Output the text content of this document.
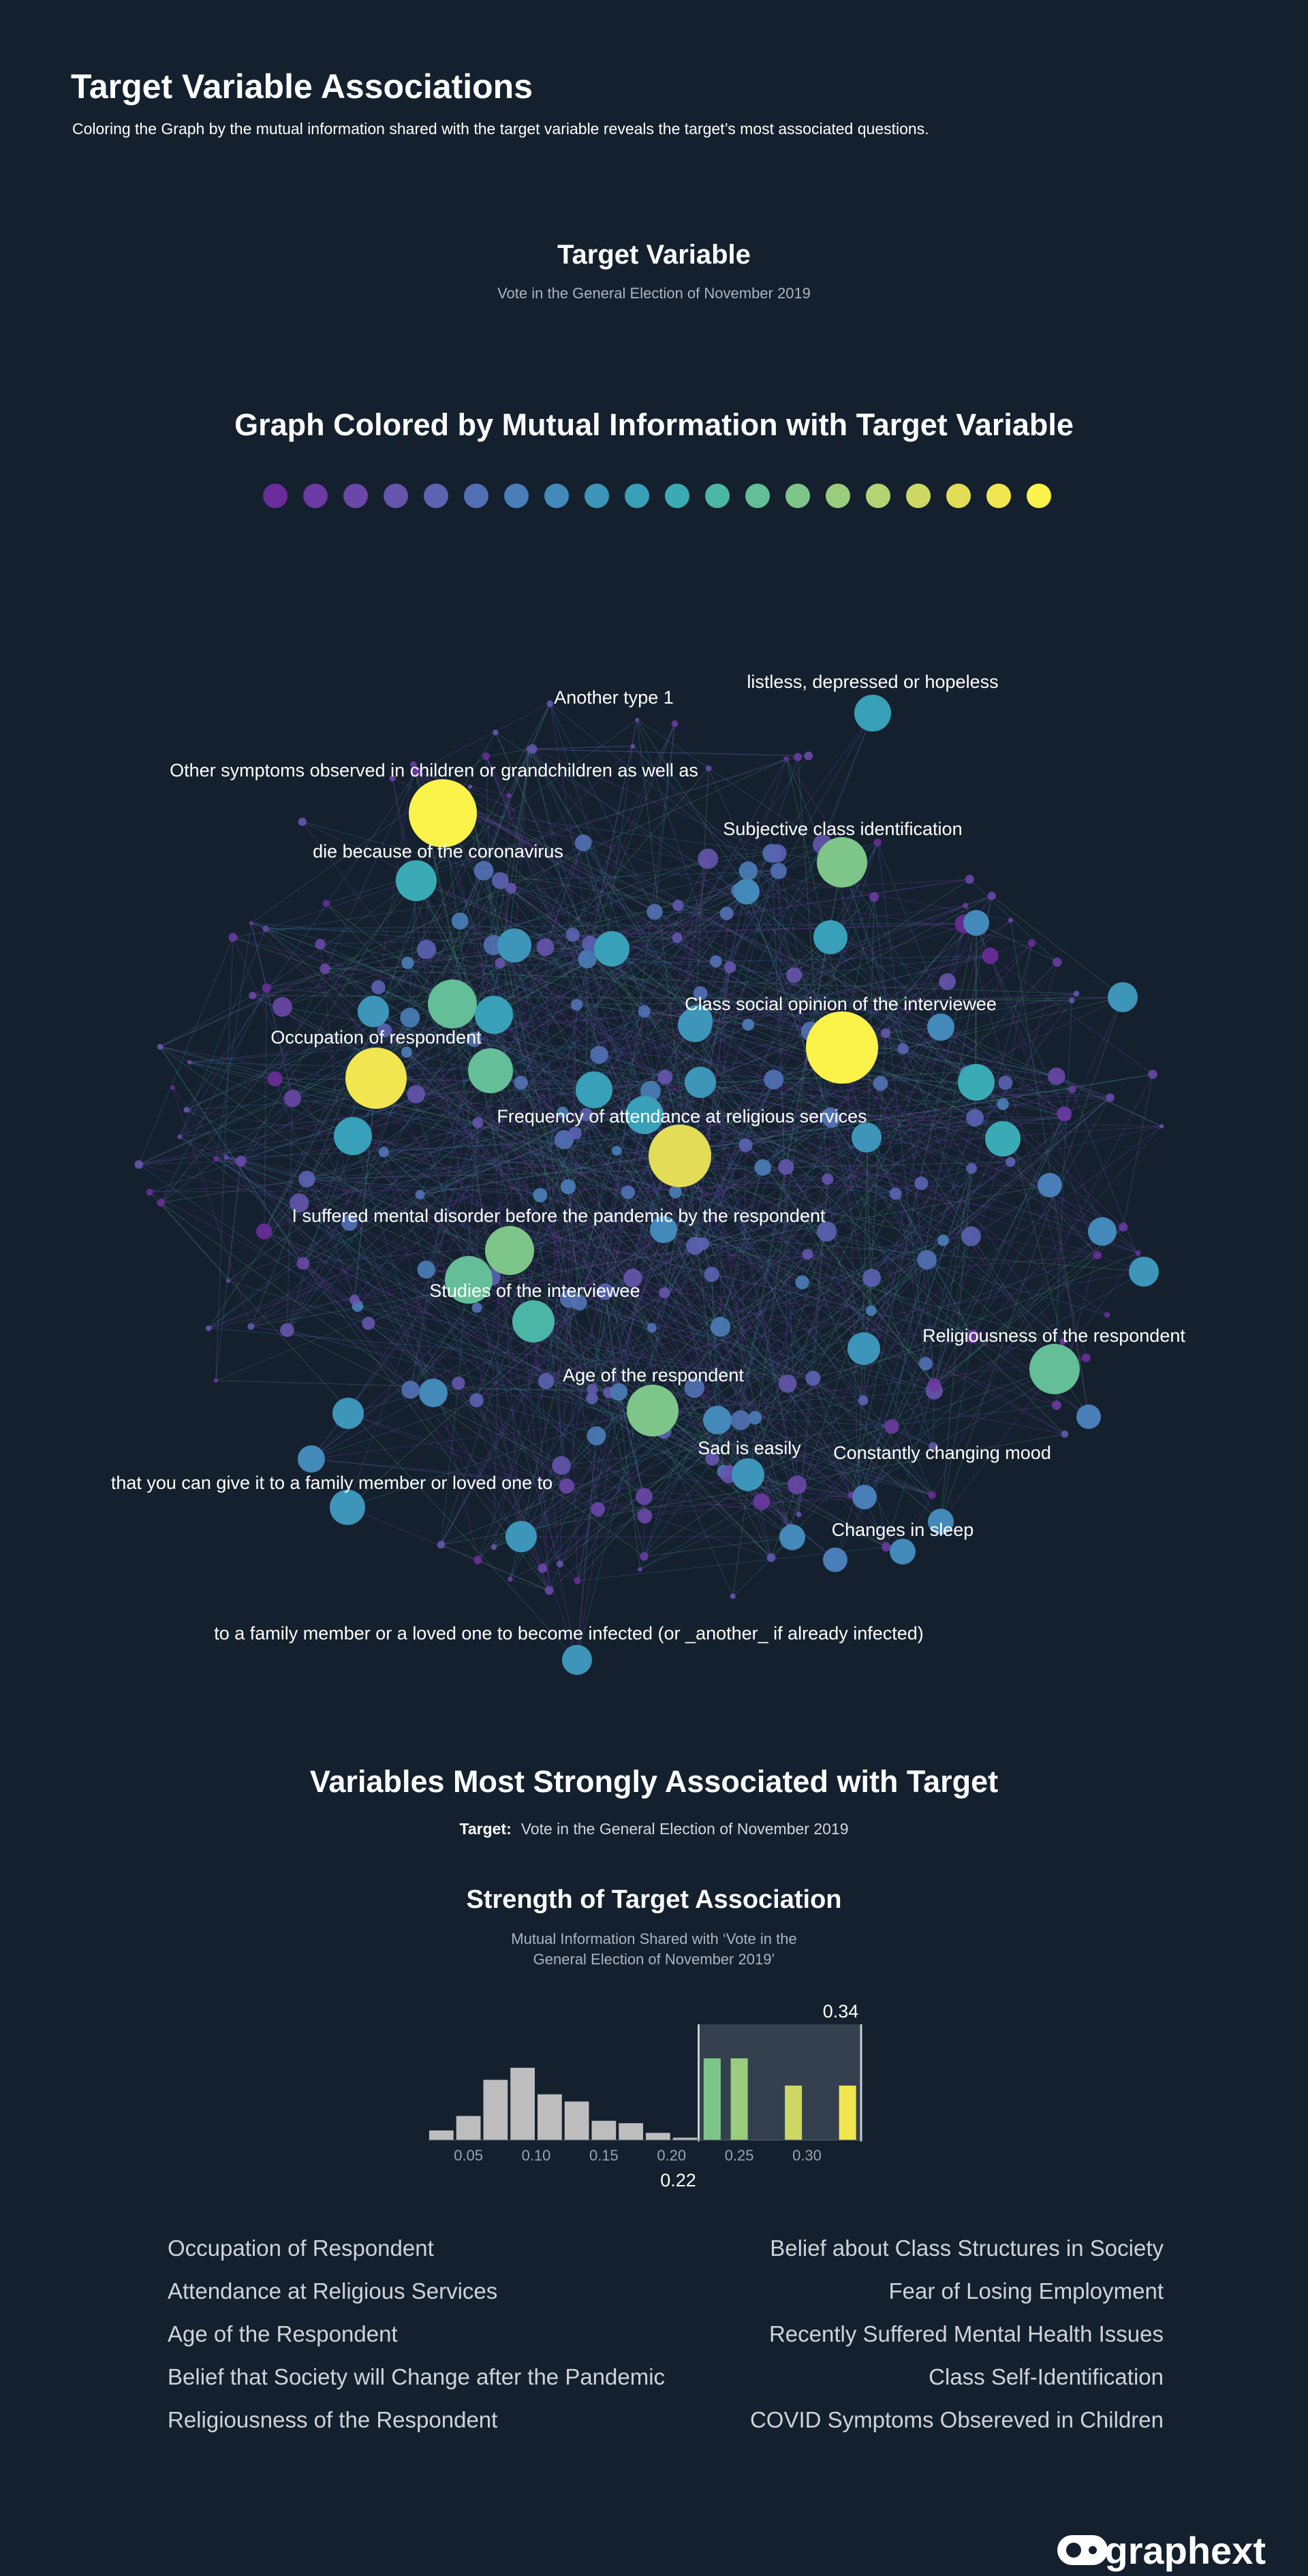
Target Variable Associations
Coloring the Graph by the mutual information shared with the target variable reveals the target’s most associated questions.
Target Variable
Vote in the General Election of November 2019
Graph Colored by Mutual Information with Target Variable
listless, depressed or hopeless
Another type 1
Other symptoms observed in children or grandchildren as well as
Subjective class identification
die because of the coronavirus
Class social opinion of the interviewee
Occupation of respondent
Frequency of attendance at religious services
I suffered mental disorder before the pandemic by the respondent
Studies of the interviewee
Religiousness of the respondent
Age of the respondent
Sad is easily Constantly changing mood
that you can give it to a family member or loved one to
Changes in sleep
to a family member or a loved one to become infected (or _another_ if already infected)
Variables Most Strongly Associated with Target
Target: Vote in the General Election of November 2019
Strength of Target Association
Mutual Information Shared with ‘Vote in the
General Election of November 2019’
0.05	0.10	0.15	0.20	0.25	0.30
0.34
0.22
Occupation of Respondent
Attendance at Religious Services
Age of the Respondent
Belief that Society will Change after the Pandemic
Religiousness of the Respondent
Belief about Class Structures in Society
Fear of Losing Employment
Recently Suffered Mental Health Issues
Class Self-Identification
COVID Symptoms Obsereved in Children
graphext
